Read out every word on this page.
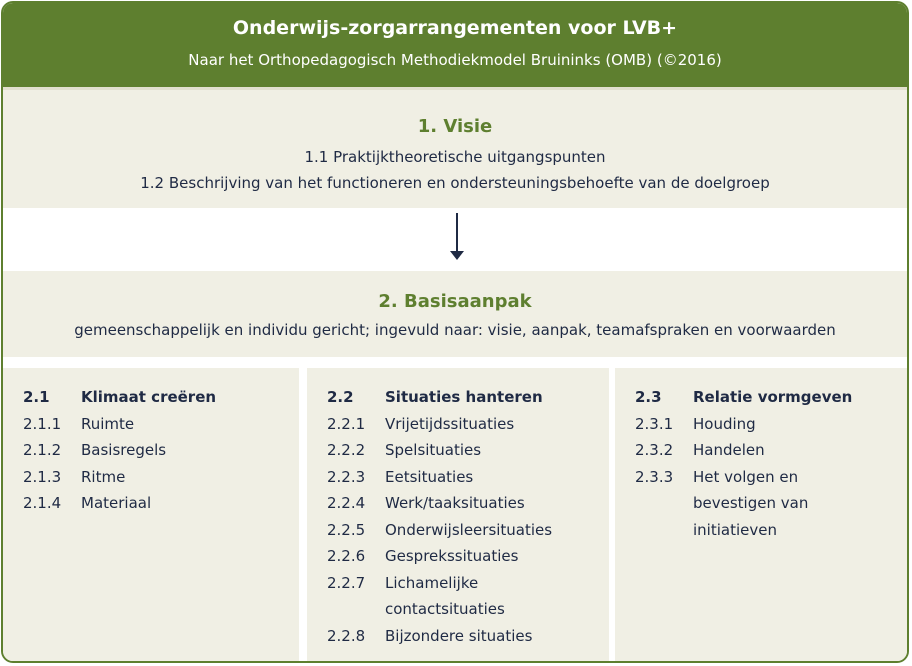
Onderwijs-zorgarrangementen voor LVB+
Naar het Orthopedagogisch Methodiekmodel Bruininks (OMB) (©2016)
1. Visie
1.1 Praktijktheoretische uitgangspunten
1.2 Beschrijving van het functioneren en ondersteuningsbehoefte van de doelgroep
2. Basisaanpak
gemeenschappelijk en individu gericht; ingevuld naar: visie, aanpak, teamafspraken en voorwaarden
2.1 Klimaat creëren
2.1.1 Ruimte
2.1.2 Basisregels
2.1.3 Ritme
2.1.4 Materiaal
2.2 Situaties hanteren
2.2.1 Vrijetijdssituaties
2.2.2 Spelsituaties
2.2.3 Eetsituaties
2.2.4 Werk/taaksituaties
2.2.5 Onderwijsleersituaties
2.2.6 Gesprekssituaties
2.2.7 Lichamelijke
contactsituaties
2.2.8 Bijzondere situaties
2.3 Relatie vormgeven
2.3.1 Houding
2.3.2 Handelen
2.3.3 Het volgen en
bevestigen van
initiatieven
